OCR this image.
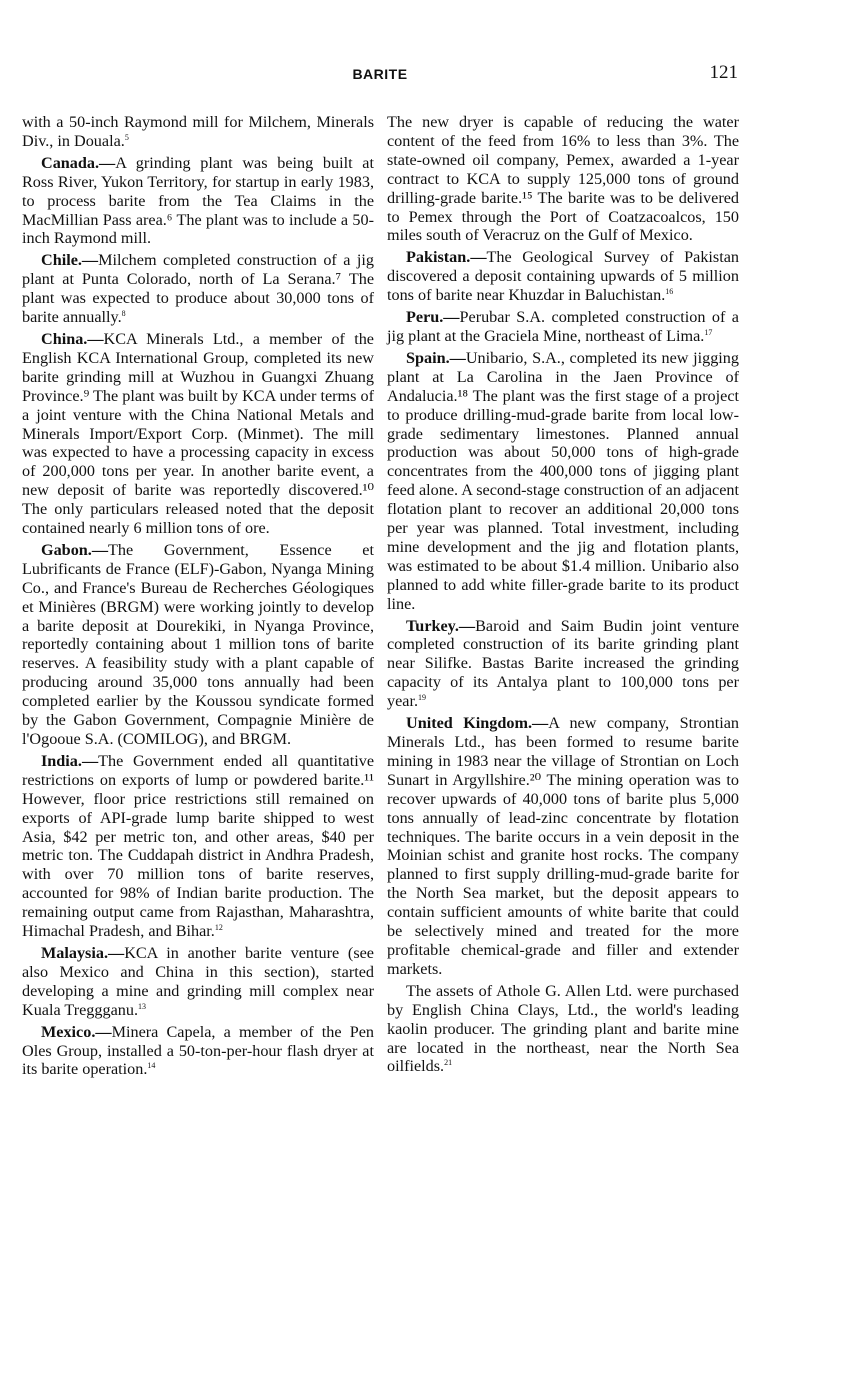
BARITE	121

with a 50-inch Raymond mill for Milchem, Minerals Div., in Douala.$^5$

Canada.—A grinding plant was being built at Ross River, Yukon Territory, for startup in early 1983, to process barite from the Tea Claims in the MacMillian Pass area.⁶ The plant was to include a 50-inch Raymond mill.

Chile.—Milchem completed construction of a jig plant at Punta Colorado, north of La Serana.⁷ The plant was expected to produce about 30,000 tons of barite annually.$^8$

China.—KCA Minerals Ltd., a member of the English KCA International Group, completed its new barite grinding mill at Wuzhou in Guangxi Zhuang Province.⁹ The plant was built by KCA under terms of a joint venture with the China National Metals and Minerals Import/Export Corp. (Minmet). The mill was expected to have a processing capacity in excess of 200,000 tons per year. In another barite event, a new deposit of barite was reportedly discovered.¹⁰ The only particulars released noted that the deposit contained nearly 6 million tons of ore.

Gabon.—The Government, Essence et Lubrificants de France (ELF)-Gabon, Nyanga Mining Co., and France's Bureau de Recherches Géologiques et Minières (BRGM) were working jointly to develop a barite deposit at Dourekiki, in Nyanga Province, reportedly containing about 1 million tons of barite reserves. A feasibility study with a plant capable of producing around 35,000 tons annually had been completed earlier by the Koussou syndicate formed by the Gabon Government, Compagnie Minière de l'Ogooue S.A. (COMILOG), and BRGM.

India.—The Government ended all quantitative restrictions on exports of lump or powdered barite.¹¹ However, floor price restrictions still remained on exports of API-grade lump barite shipped to west Asia, $42 per metric ton, and other areas, $40 per metric ton. The Cuddapah district in Andhra Pradesh, with over 70 million tons of barite reserves, accounted for 98% of Indian barite production. The remaining output came from Rajasthan, Maharashtra, Himachal Pradesh, and Bihar.$^{12}$

Malaysia.—KCA in another barite venture (see also Mexico and China in this section), started developing a mine and grinding mill complex near Kuala Treggganu.$^{13}$

Mexico.—Minera Capela, a member of the Pen Oles Group, installed a 50-ton-per-hour flash dryer at its barite operation.$^{14}$

The new dryer is capable of reducing the water content of the feed from 16% to less than 3%. The state-owned oil company, Pemex, awarded a 1-year contract to KCA to supply 125,000 tons of ground drilling-grade barite.¹⁵ The barite was to be delivered to Pemex through the Port of Coatzacoalcos, 150 miles south of Veracruz on the Gulf of Mexico.

Pakistan.—The Geological Survey of Pakistan discovered a deposit containing upwards of 5 million tons of barite near Khuzdar in Baluchistan.$^{16}$

Peru.—Perubar S.A. completed construction of a jig plant at the Graciela Mine, northeast of Lima.$^{17}$

Spain.—Unibario, S.A., completed its new jigging plant at La Carolina in the Jaen Province of Andalucia.¹⁸ The plant was the first stage of a project to produce drilling-mud-grade barite from local low-grade sedimentary limestones. Planned annual production was about 50,000 tons of high-grade concentrates from the 400,000 tons of jigging plant feed alone. A second-stage construction of an adjacent flotation plant to recover an additional 20,000 tons per year was planned. Total investment, including mine development and the jig and flotation plants, was estimated to be about $1.4 million. Unibario also planned to add white filler-grade barite to its product line.

Turkey.—Baroid and Saim Budin joint venture completed construction of its barite grinding plant near Silifke. Bastas Barite increased the grinding capacity of its Antalya plant to 100,000 tons per year.$^{19}$

United Kingdom.—A new company, Strontian Minerals Ltd., has been formed to resume barite mining in 1983 near the village of Strontian on Loch Sunart in Argyllshire.²⁰ The mining operation was to recover upwards of 40,000 tons of barite plus 5,000 tons annually of lead-zinc concentrate by flotation techniques. The barite occurs in a vein deposit in the Moinian schist and granite host rocks. The company planned to first supply drilling-mud-grade barite for the North Sea market, but the deposit appears to contain sufficient amounts of white barite that could be selectively mined and treated for the more profitable chemical-grade and filler and extender markets.

The assets of Athole G. Allen Ltd. were purchased by English China Clays, Ltd., the world's leading kaolin producer. The grinding plant and barite mine are located in the northeast, near the North Sea oilfields.$^{21}$
